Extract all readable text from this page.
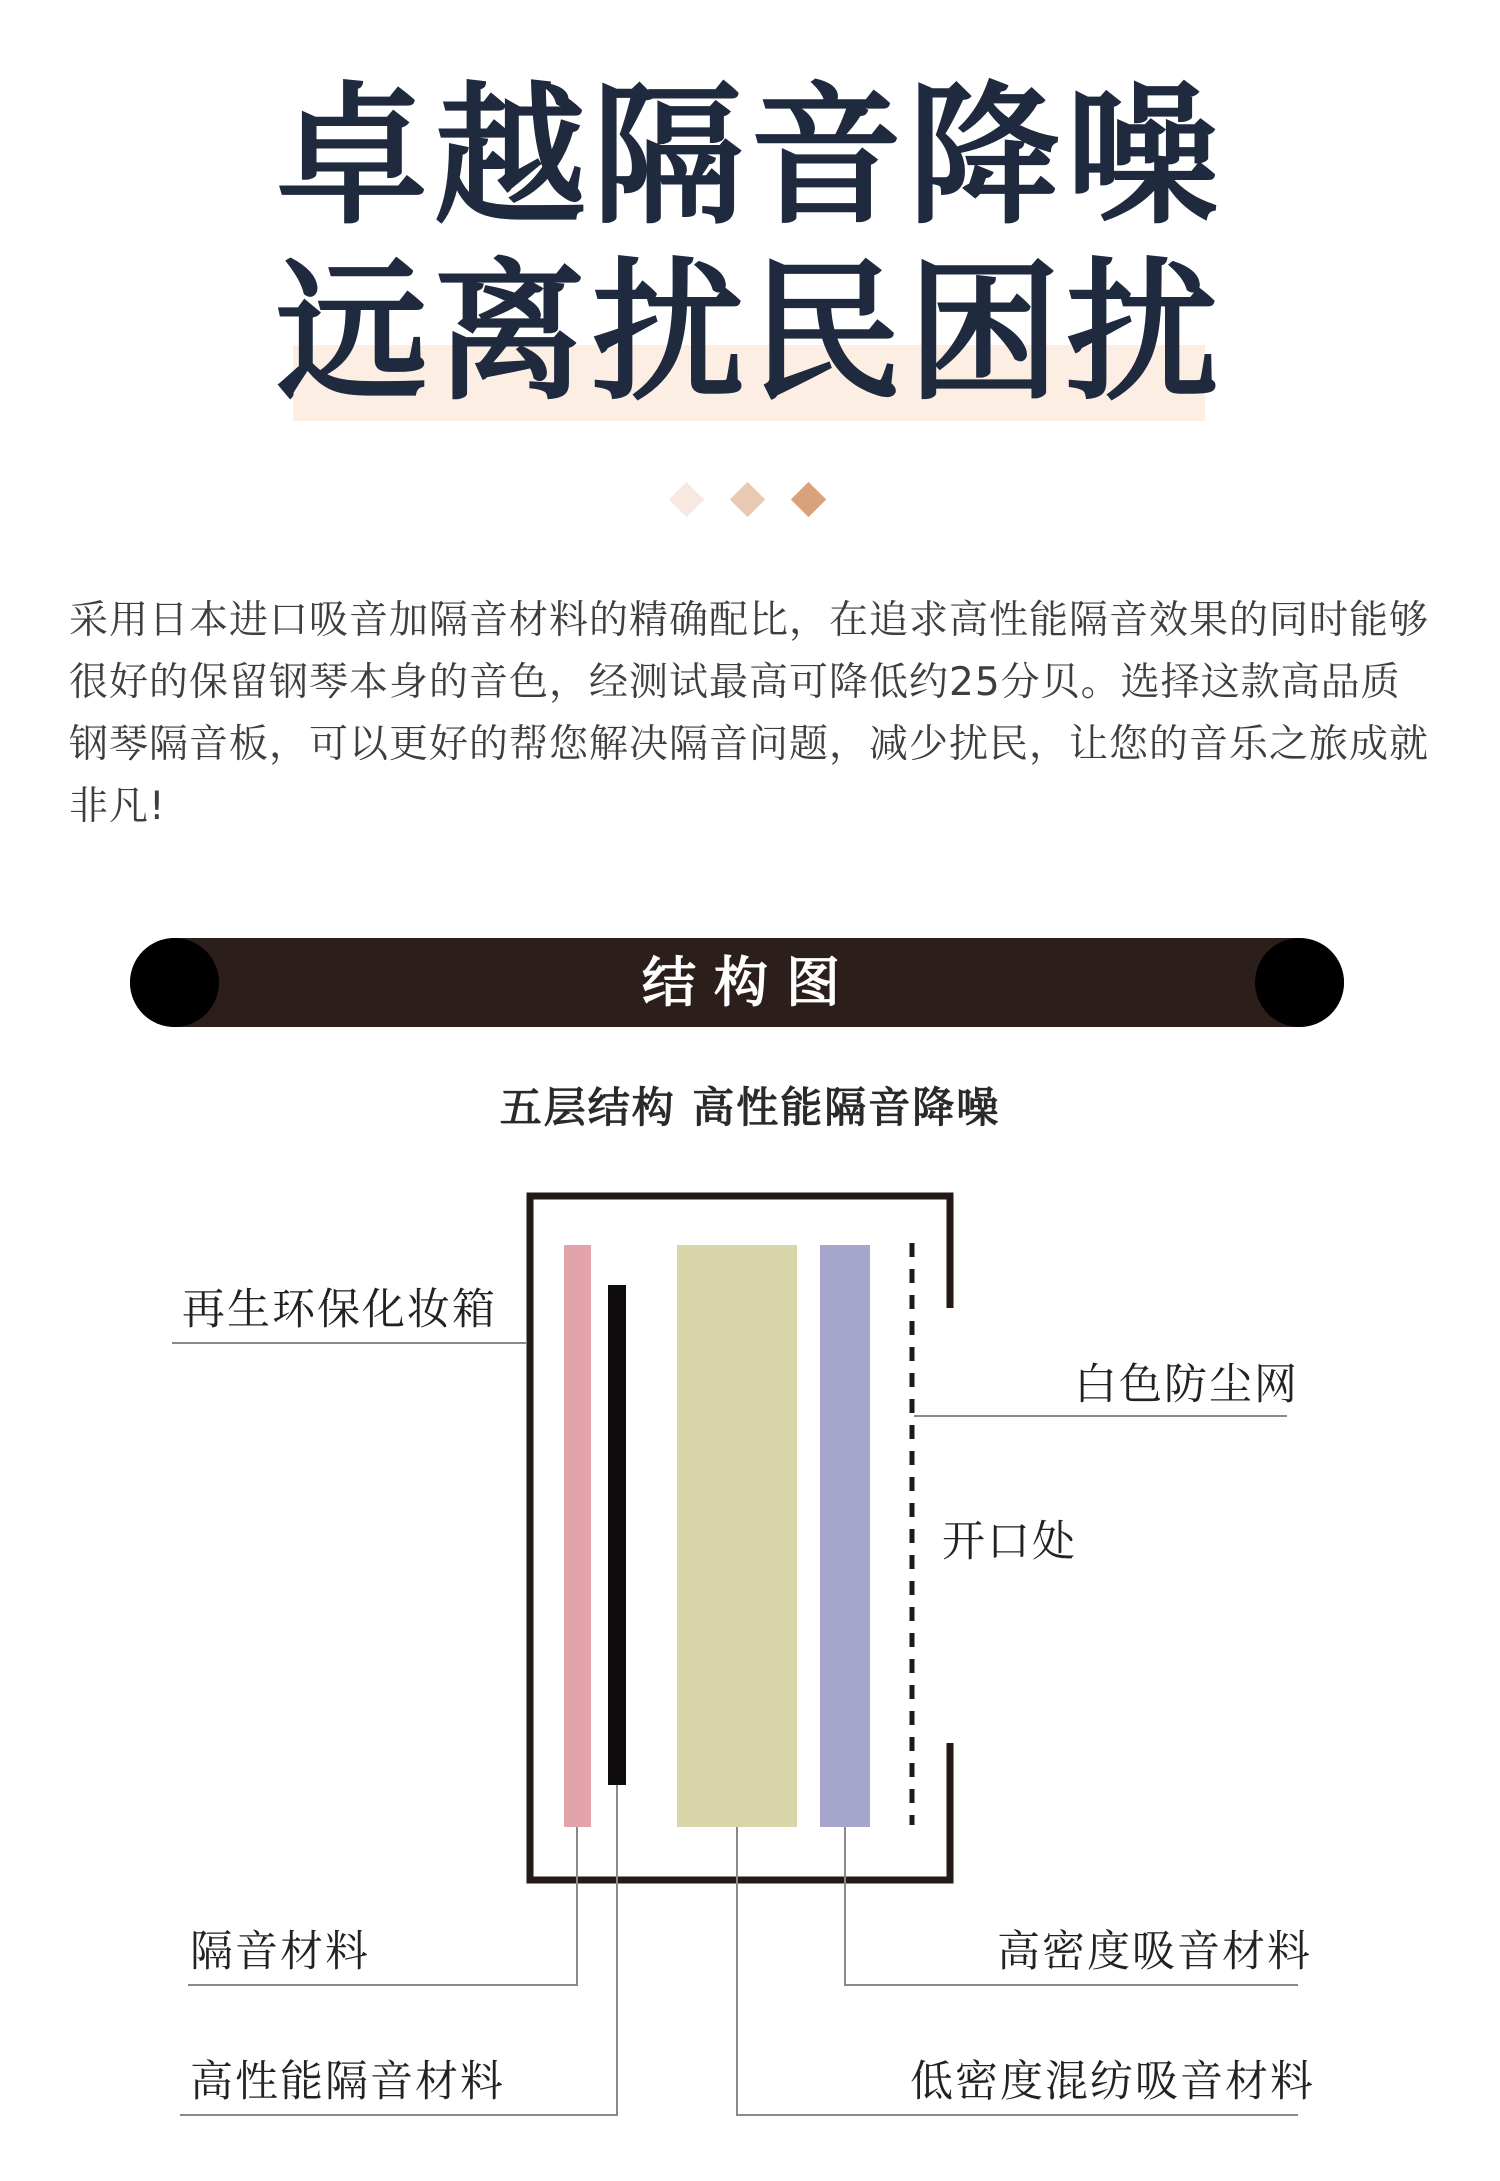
卓越隔音降噪
远离扰民困扰
采用日本进口吸音加隔音材料的精确配比，在追求高性能隔音效果的同时能够很好的保留钢琴本身的音色，经测试最高可降低约25分贝。选择这款高品质钢琴隔音板，可以更好的帮您解决隔音问题，减少扰民，让您的音乐之旅成就非凡!
结构图
五层结构 高性能隔音降噪
再生环保化妆箱
白色防尘网
开口处
隔音材料
高性能隔音材料
高密度吸音材料
低密度混纺吸音材料
